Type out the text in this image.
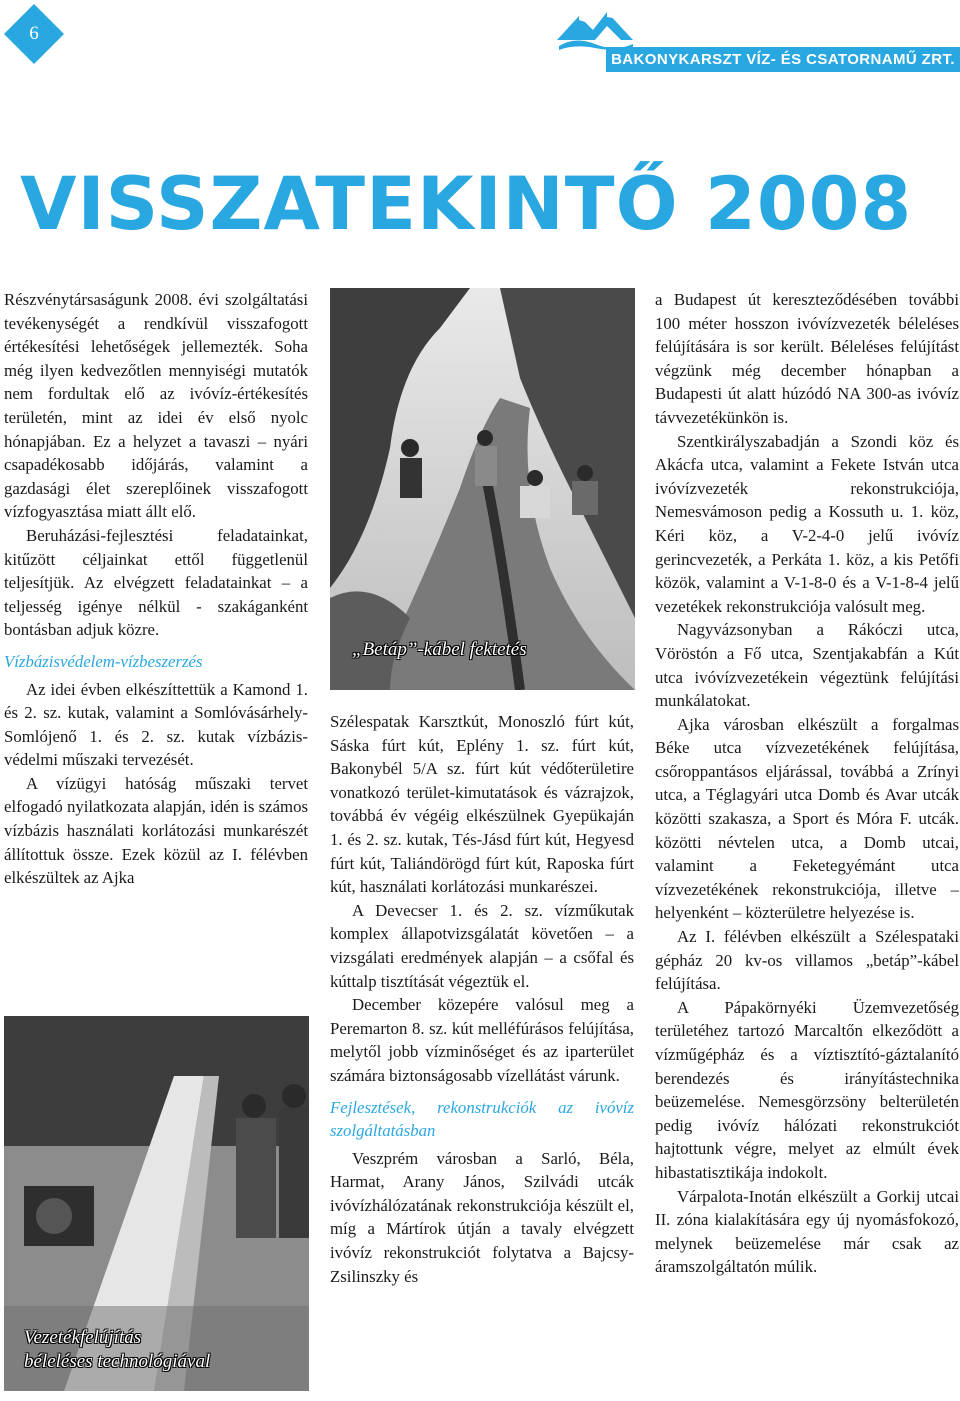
6
BAKONYKARSZT VÍZ- ÉS CSATORNAMŰ ZRT.
VISSZATEKINTŐ 2008

Részvénytársaságunk 2008. évi szolgáltatási tevékenységét a rendkívül visszafogott értékesítési lehetőségek jellemezték. Soha még ilyen kedvezőtlen mennyiségi mutatók nem fordultak elő az ivóvíz-értékesítés területén, mint az idei év első nyolc hónapjában. Ez a helyzet a tavaszi – nyári csapadékosabb időjárás, valamint a gazdasági élet szereplőinek visszafogott vízfogyasztása miatt állt elő.

Beruházási-fejlesztési feladatainkat, kitűzött céljainkat ettől függetlenül teljesítjük. Az elvégzett feladatainkat – a teljesség igénye nélkül - szakáganként bontásban adjuk közre.

Vízbázisvédelem-vízbeszerzés

Az idei évben elkészíttettük a Kamond 1. és 2. sz. kutak, valamint a Somlóvásárhely-Somlójenő 1. és 2. sz. kutak vízbázis-védelmi műszaki tervezését.

A vízügyi hatóság műszaki tervet elfogadó nyilatkozata alapján, idén is számos vízbázis használati korlátozási munkarészét állítottuk össze. Ezek közül az I. félévben elkészültek az Ajka

„Betáp”-kábel fektetés

Szélespatak Karsztkút, Monoszló fúrt kút, Sáska fúrt kút, Eplény 1. sz. fúrt kút, Bakonybél 5/A sz. fúrt kút védőterületire vonatkozó terület-kimutatások és vázrajzok, továbbá év végéig elkészülnek Gyepükaján 1. és 2. sz. kutak, Tés-Jásd fúrt kút, Hegyesd fúrt kút, Taliándörögd fúrt kút, Raposka fúrt kút, használati korlátozási munkarészei.

A Devecser 1. és 2. sz. vízműkutak komplex állapotvizsgálatát követően – a vizsgálati eredmények alapján – a csőfal és kúttalp tisztítását végeztük el.

December közepére valósul meg a Peremarton 8. sz. kút melléfúrásos felújítása, melytől jobb vízminőséget és az iparterület számára biztonságosabb vízellátást várunk.

Fejlesztések, rekonstrukciók az ivóvíz szolgáltatásban

Veszprém városban a Sarló, Béla, Harmat, Arany János, Szilvádi utcák ivóvízhálózatának rekonstrukciója készült el, míg a Mártírok útján a tavaly elvégzett ivóvíz rekonstrukciót folytatva a Bajcsy-Zsilinszky és

Vezetékfelújítás
béleléses technológiával

a Budapest út kereszteződésében további 100 méter hosszon ivóvízvezeték béleléses felújítására is sor került. Béleléses felújítást végzünk még december hónapban a Budapesti út alatt húzódó NA 300-as ivóvíz távvezetékünkön is.

Szentkirályszabadján a Szondi köz és Akácfa utca, valamint a Fekete István utca ivóvízvezeték rekonstrukciója, Nemesvámoson pedig a Kossuth u. 1. köz, Kéri köz, a V-2-4-0 jelű ivóvíz gerincvezeték, a Perkáta 1. köz, a kis Petőfi közök, valamint a V-1-8-0 és a V-1-8-4 jelű vezetékek rekonstrukciója valósult meg.

Nagyvázsonyban a Rákóczi utca, Vöröstón a Fő utca, Szentjakabfán a Kút utca ivóvízvezetékein végeztünk felújítási munkálatokat.

Ajka városban elkészült a forgalmas Béke utca vízvezetékének felújítása, csőroppantásos eljárással, továbbá a Zrínyi utca, a Téglagyári utca Domb és Avar utcák közötti szakasza, a Sport és Móra F. utcák. közötti névtelen utca, a Domb utcai, valamint a Feketegyémánt utca vízvezetékének rekonstrukciója, illetve – helyenként – közterületre helyezése is.

Az I. félévben elkészült a Szélespataki gépház 20 kv-os villamos „betáp”-kábel felújítása.

A Pápakörnyéki Üzemvezetőség területéhez tartozó Marcaltőn elkeződött a vízműgépház és a víztisztító-gáztalanító berendezés és irányítástechnika beüzemelése. Nemesgörzsöny belterületén pedig ivóvíz hálózati rekonstrukciót hajtottunk végre, melyet az elmúlt évek hibastatisztikája indokolt.

Várpalota-Inotán elkészült a Gorkij utcai II. zóna kialakítására egy új nyomásfokozó, melynek beüzemelése már csak az áramszolgáltatón múlik.
